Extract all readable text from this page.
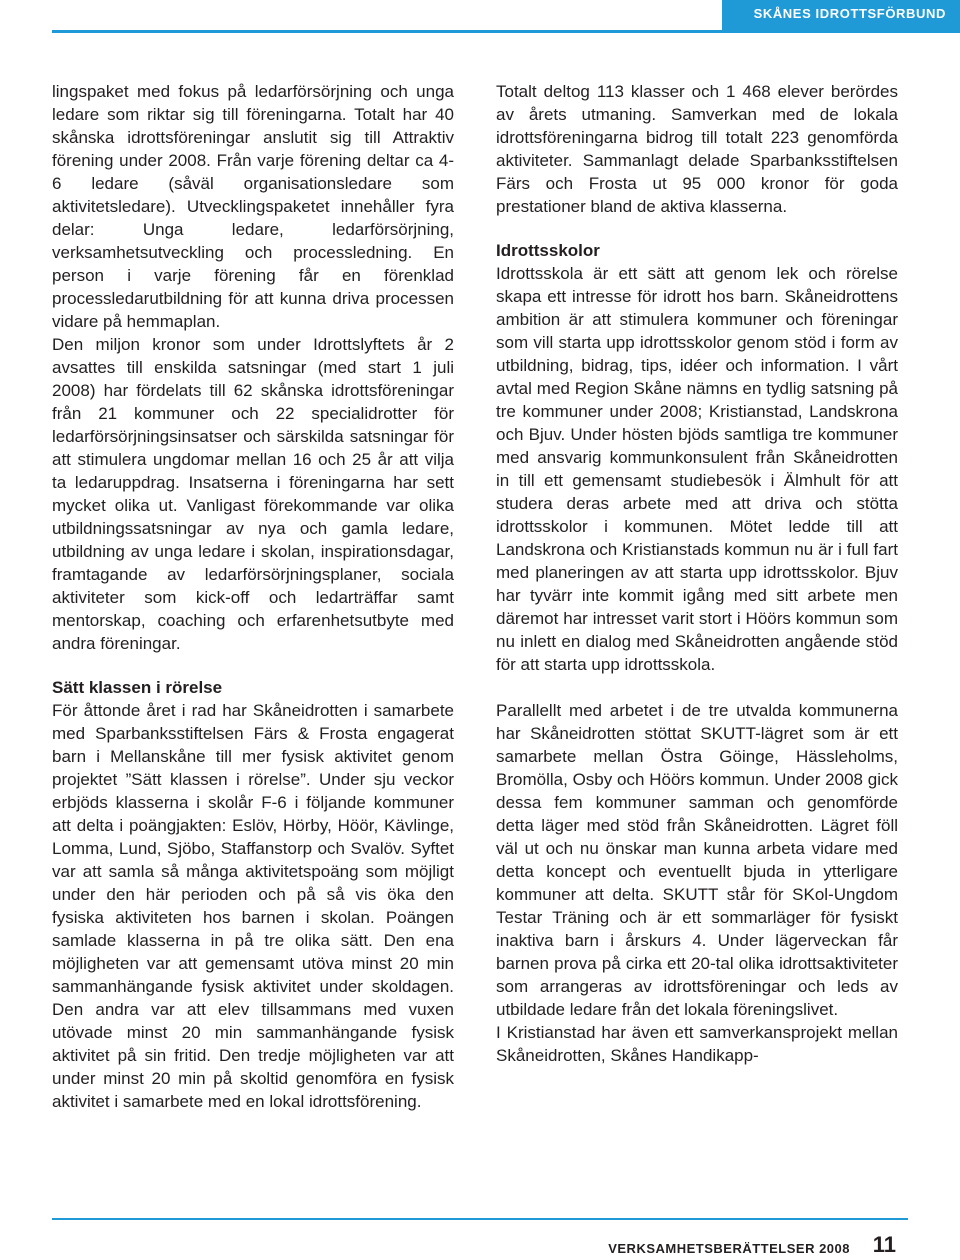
SKÅNES IDROTTSFÖRBUND

lingspaket med fokus på ledarförsörjning och unga ledare som riktar sig till föreningarna. Totalt har 40 skånska idrottsföreningar anslutit sig till Attraktiv förening under 2008. Från varje förening deltar ca 4-6 ledare (såväl organisationsledare som aktivitetsledare). Utvecklingspaketet innehåller fyra delar: Unga ledare, ledarförsörjning, verksamhetsutveckling och processledning. En person i varje förening får en förenklad processledarutbildning för att kunna driva processen vidare på hemmaplan.

Den miljon kronor som under Idrottslyftets år 2 avsattes till enskilda satsningar (med start 1 juli 2008) har fördelats till 62 skånska idrottsföreningar från 21 kommuner och 22 specialidrotter för ledarförsörjningsinsatser och särskilda satsningar för att stimulera ungdomar mellan 16 och 25 år att vilja ta ledaruppdrag. Insatserna i föreningarna har sett mycket olika ut. Vanligast förekommande var olika utbildningssatsningar av nya och gamla ledare, utbildning av unga ledare i skolan, inspirationsdagar, framtagande av ledarförsörjningsplaner, sociala aktiviteter som kick-off och ledarträffar samt mentorskap, coaching och erfarenhetsutbyte med andra föreningar.

Sätt klassen i rörelse

För åttonde året i rad har Skåneidrotten i samarbete med Sparbanksstiftelsen Färs & Frosta engagerat barn i Mellanskåne till mer fysisk aktivitet genom projektet ”Sätt klassen i rörelse”. Under sju veckor erbjöds klasserna i skolår F-6 i följande kommuner att delta i poängjakten: Eslöv, Hörby, Höör, Kävlinge, Lomma, Lund, Sjöbo, Staffanstorp och Svalöv. Syftet var att samla så många aktivitetspoäng som möjligt under den här perioden och på så vis öka den fysiska aktiviteten hos barnen i skolan. Poängen samlade klasserna in på tre olika sätt. Den ena möjligheten var att gemensamt utöva minst 20 min sammanhängande fysisk aktivitet under skoldagen. Den andra var att elev tillsammans med vuxen utövade minst 20 min sammanhängande fysisk aktivitet på sin fritid. Den tredje möjligheten var att under minst 20 min på skoltid genomföra en fysisk aktivitet i samarbete med en lokal idrottsförening.

Totalt deltog 113 klasser och 1 468 elever berördes av årets utmaning. Samverkan med de lokala idrottsföreningarna bidrog till totalt 223 genomförda aktiviteter. Sammanlagt delade Sparbanksstiftelsen Färs och Frosta ut 95 000 kronor för goda prestationer bland de aktiva klasserna.

Idrottsskolor

Idrottsskola är ett sätt att genom lek och rörelse skapa ett intresse för idrott hos barn. Skåneidrottens ambition är att stimulera kommuner och föreningar som vill starta upp idrottsskolor genom stöd i form av utbildning, bidrag, tips, idéer och information. I vårt avtal med Region Skåne nämns en tydlig satsning på tre kommuner under 2008; Kristianstad, Landskrona och Bjuv. Under hösten bjöds samtliga tre kommuner med ansvarig kommunkonsulent från Skåneidrotten in till ett gemensamt studiebesök i Älmhult för att studera deras arbete med att driva och stötta idrottsskolor i kommunen. Mötet ledde till att Landskrona och Kristianstads kommun nu är i full fart med planeringen av att starta upp idrottsskolor. Bjuv har tyvärr inte kommit igång med sitt arbete men däremot har intresset varit stort i Höörs kommun som nu inlett en dialog med Skåneidrotten angående stöd för att starta upp idrottsskola.

Parallellt med arbetet i de tre utvalda kommunerna har Skåneidrotten stöttat SKUTT-lägret som är ett samarbete mellan Östra Göinge, Hässleholms, Bromölla, Osby och Höörs kommun. Under 2008 gick dessa fem kommuner samman och genomförde detta läger med stöd från Skåneidrotten. Lägret föll väl ut och nu önskar man kunna arbeta vidare med detta koncept och eventuellt bjuda in ytterligare kommuner att delta. SKUTT står för SKol-Ungdom Testar Träning och är ett sommarläger för fysiskt inaktiva barn i årskurs 4. Under lägerveckan får barnen prova på cirka ett 20-tal olika idrottsaktiviteter som arrangeras av idrottsföreningar och leds av utbildade ledare från det lokala föreningslivet.

I Kristianstad har även ett samverkansprojekt mellan Skåneidrotten, Skånes Handikapp-

VERKSAMHETSBERÄTTELSER 2008 11
